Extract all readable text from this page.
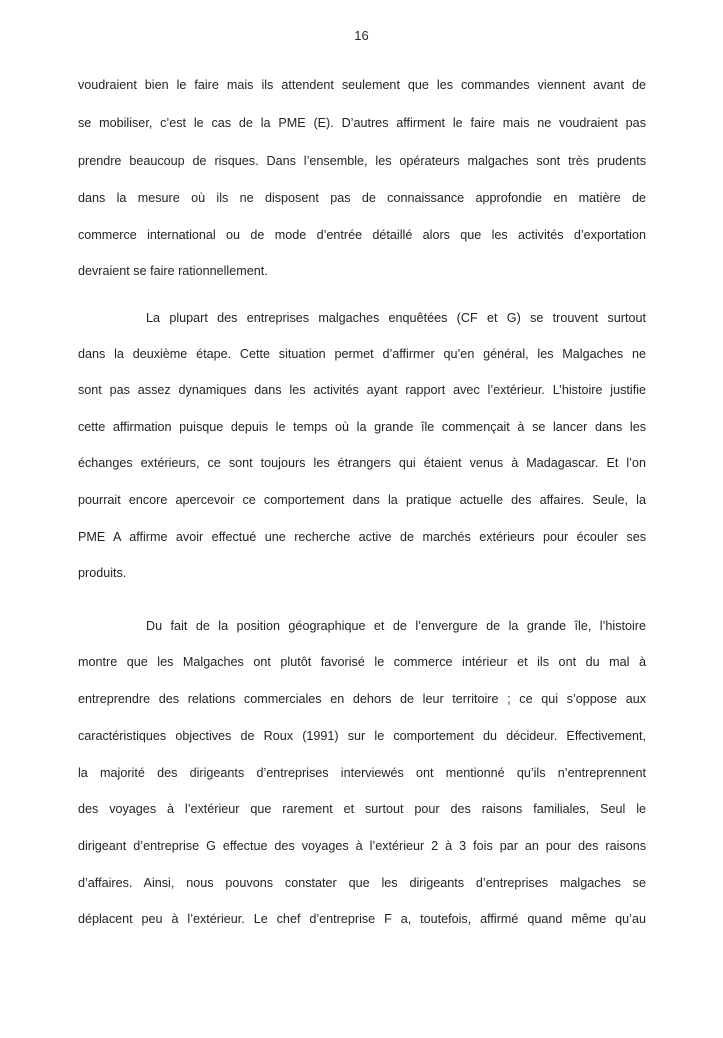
16
voudraient bien le faire mais ils attendent seulement que les commandes viennent avant de
se mobiliser, c’est le cas de la PME (E). D’autres affirment le faire mais ne voudraient pas
prendre beaucoup de risques. Dans l’ensemble, les opérateurs malgaches sont très prudents
dans la mesure où ils ne disposent pas de connaissance approfondie en matière de
commerce international ou de mode d’entrée détaillé alors que les activités d’exportation
devraient se faire rationnellement.
La plupart des entreprises malgaches enquêtées (CF et G) se trouvent surtout
dans la deuxième étape. Cette situation permet d’affirmer qu’en général, les Malgaches ne
sont pas assez dynamiques dans les activités ayant rapport avec l’extérieur. L’histoire justifie
cette affirmation puisque depuis le temps où la grande île commençait à se lancer dans les
échanges extérieurs, ce sont toujours les étrangers qui étaient venus à Madagascar. Et l’on
pourrait encore apercevoir ce comportement dans la pratique actuelle des affaires. Seule, la
PME A affirme avoir effectué une recherche active de marchés extérieurs pour écouler ses
produits.
Du fait de la position géographique et de l’envergure de la grande île, l’histoire
montre que les Malgaches ont plutôt favorisé le commerce intérieur et ils ont du mal à
entreprendre des relations commerciales en dehors de leur territoire ; ce qui s’oppose aux
caractéristiques objectives de Roux (1991) sur le comportement du décideur. Effectivement,
la majorité des dirigeants d’entreprises interviewés ont mentionné qu’ils n’entreprennent
des voyages à l’extérieur que rarement et surtout pour des raisons familiales, Seul le
dirigeant d’entreprise G effectue des voyages à l’extérieur 2 à 3 fois par an pour des raisons
d’affaires. Ainsi, nous pouvons constater que les dirigeants d’entreprises malgaches se
déplacent peu à l’extérieur. Le chef d’entreprise F a, toutefois, affirmé quand même qu’au
